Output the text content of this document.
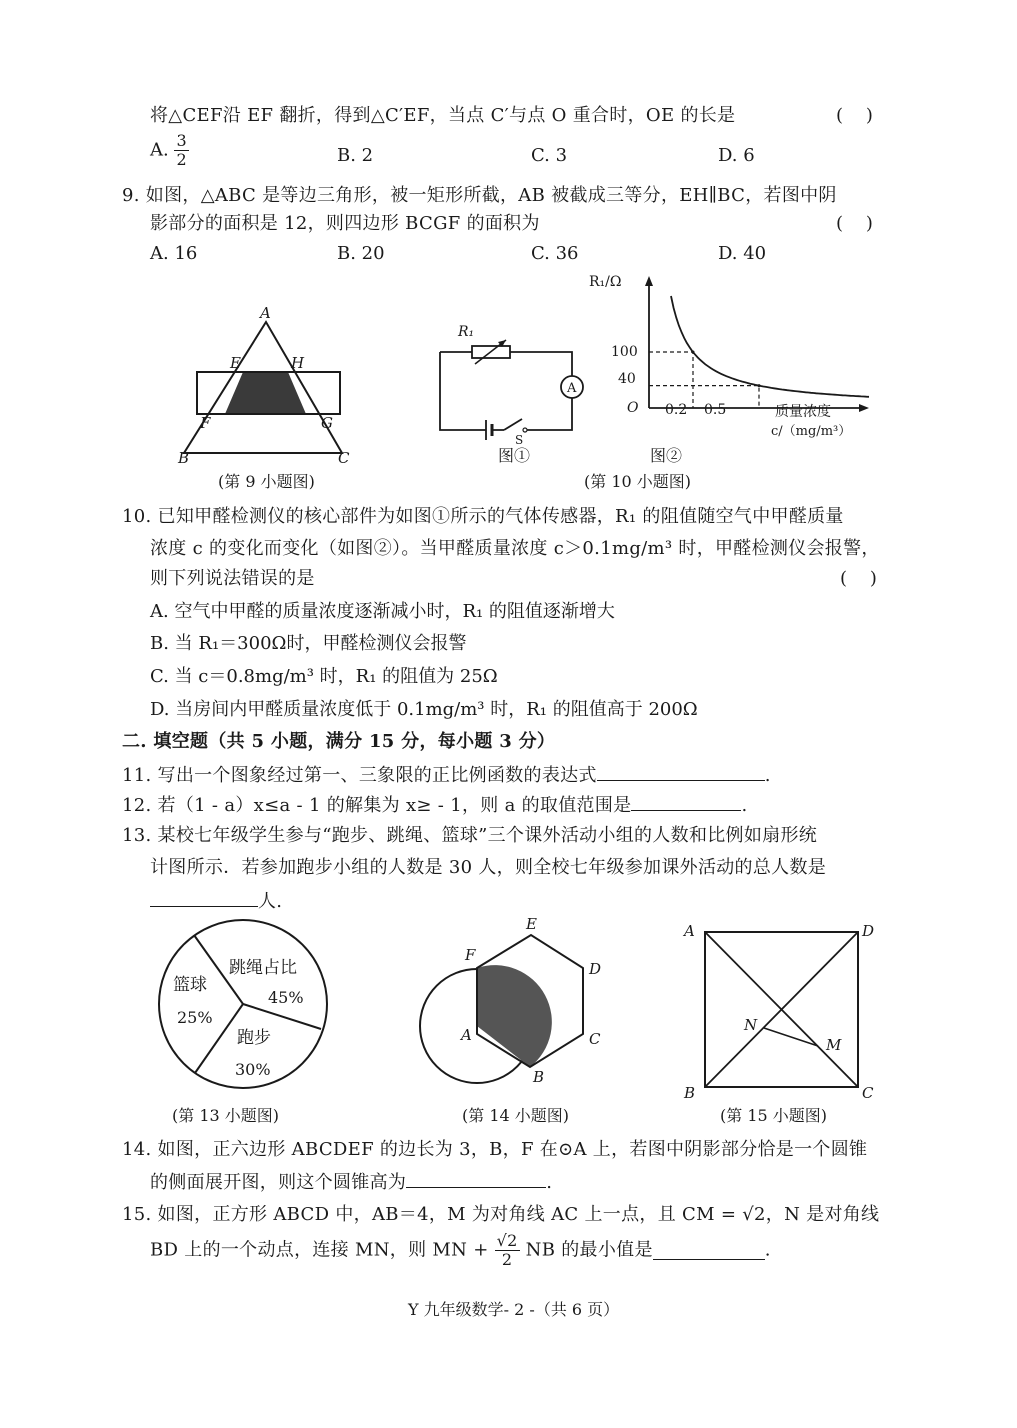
将△CEF沿 EF 翻折，得到△C′EF，当点 C′与点 O 重合时，OE 的长是	(    )
A. $\frac{3}{2}$	B. 2	C. 3	D. 6
9. 如图，△ABC 是等边三角形，被一矩形所截，AB 被截成三等分，EH∥BC，若图中阴
影部分的面积是 12，则四边形 BCGF 的面积为	(    )
A. 16	B. 20	C. 36	D. 40
A
E	H
F	G
B	C
(第 9 小题图)
R₁
A
S
图①
R₁/Ω
100
40
O 0.2 0.5	质量浓度
c/（mg/m³）
图②
(第 10 小题图)
10. 已知甲醛检测仪的核心部件为如图①所示的气体传感器，R₁ 的阻值随空气中甲醛质量
浓度 c 的变化而变化（如图②）。当甲醛质量浓度 c＞0.1mg/m³ 时，甲醛检测仪会报警，
则下列说法错误的是	(    )
A. 空气中甲醛的质量浓度逐渐减小时，R₁ 的阻值逐渐增大
B. 当 R₁＝300Ω时，甲醛检测仪会报警
C. 当 c＝0.8mg/m³ 时，R₁ 的阻值为 25Ω
D. 当房间内甲醛质量浓度低于 0.1mg/m³ 时，R₁ 的阻值高于 200Ω
二. 填空题（共 5 小题，满分 15 分，每小题 3 分）
11. 写出一个图象经过第一、三象限的正比例函数的表达式	.
12. 若（1 - a）x≤a - 1 的解集为 x≥ - 1，则 a 的取值范围是	.
13. 某校七年级学生参与“跑步、跳绳、篮球”三个课外活动小组的人数和比例如扇形统
计图所示．若参加跑步小组的人数是 30 人，则全校七年级参加课外活动的总人数是
人.
跳绳占比
45%
篮球
25%
跑步
30%
(第 13 小题图)
F
E
D
C
B
A
(第 14 小题图)
A	D
B	C
N
M
(第 15 小题图)
14. 如图，正六边形 ABCDEF 的边长为 3，B，F 在⊙A 上，若图中阴影部分恰是一个圆锥
的侧面展开图，则这个圆锥高为	.
15. 如图，正方形 ABCD 中，AB＝4，M 为对角线 AC 上一点，且 CM = √2，N 是对角线
BD 上的一个动点，连接 MN，则 MN + $\frac{√2}{2}$ NB 的最小值是	.
Y 九年级数学- 2 -（共 6 页）
